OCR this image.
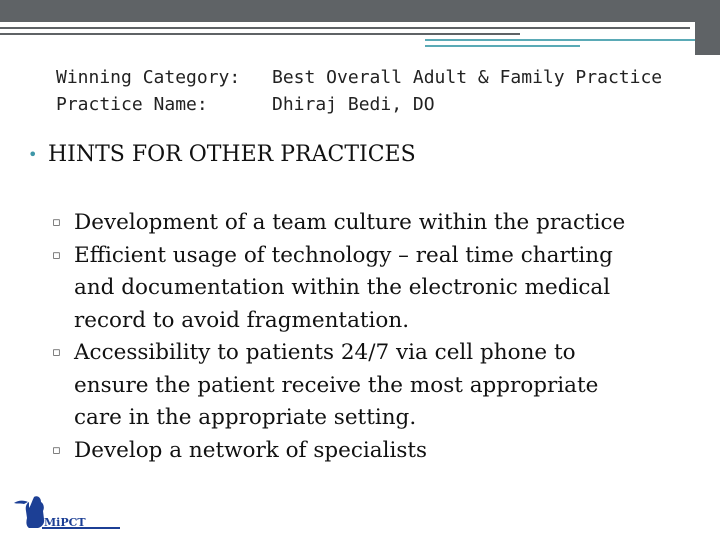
Winning Category:	Best Overall Adult & Family Practice
Practice Name:	Dhiraj Bedi, DO
• HINTS FOR OTHER PRACTICES
▫ Development of a team culture within the practice
▫ Efficient usage of technology – real time charting
and documentation within the electronic medical
record to avoid fragmentation.
▫ Accessibility to patients 24/7 via cell phone to
ensure the patient receive the most appropriate
care in the appropriate setting.
▫ Develop a network of specialists
MiPCT
